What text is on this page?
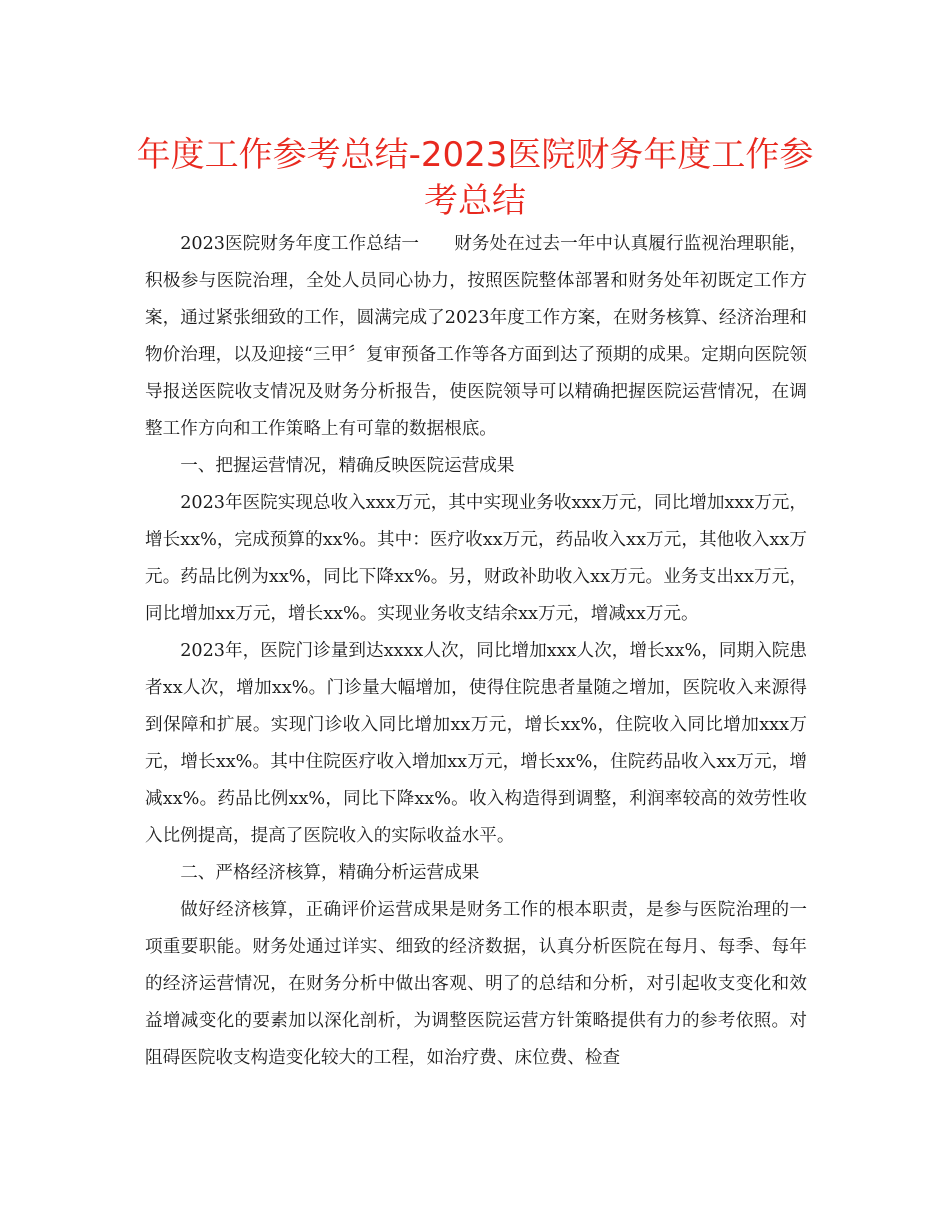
年度工作参考总结-2023医院财务年度工作参考总结

2023医院财务年度工作总结一　　财务处在过去一年中认真履行监视治理职能，积极参与医院治理，全处人员同心协力，按照医院整体部署和财务处年初既定工作方案，通过紧张细致的工作，圆满完成了2023年度工作方案，在财务核算、经济治理和物价治理，以及迎接“三甲〞复审预备工作等各方面到达了预期的成果。定期向医院领导报送医院收支情况及财务分析报告，使医院领导可以精确把握医院运营情况，在调整工作方向和工作策略上有可靠的数据根底。

一、把握运营情况，精确反映医院运营成果

2023年医院实现总收入xxx万元，其中实现业务收xxx万元，同比增加xxx万元，增长xx%，完成预算的xx%。其中：医疗收xx万元，药品收入xx万元，其他收入xx万元。药品比例为xx%，同比下降xx%。另，财政补助收入xx万元。业务支出xx万元，同比增加xx万元，增长xx%。实现业务收支结余xx万元，增减xx万元。

2023年，医院门诊量到达xxxx人次，同比增加xxx人次，增长xx%，同期入院患者xx人次，增加xx%。门诊量大幅增加，使得住院患者量随之增加，医院收入来源得到保障和扩展。实现门诊收入同比增加xx万元，增长xx%，住院收入同比增加xxx万元，增长xx%。其中住院医疗收入增加xx万元，增长xx%，住院药品收入xx万元，增减xx%。药品比例xx%，同比下降xx%。收入构造得到调整，利润率较高的效劳性收入比例提高，提高了医院收入的实际收益水平。

二、严格经济核算，精确分析运营成果

做好经济核算，正确评价运营成果是财务工作的根本职责，是参与医院治理的一项重要职能。财务处通过详实、细致的经济数据，认真分析医院在每月、每季、每年的经济运营情况，在财务分析中做出客观、明了的总结和分析，对引起收支变化和效益增减变化的要素加以深化剖析，为调整医院运营方针策略提供有力的参考依照。对阻碍医院收支构造变化较大的工程，如治疗费、床位费、检查
